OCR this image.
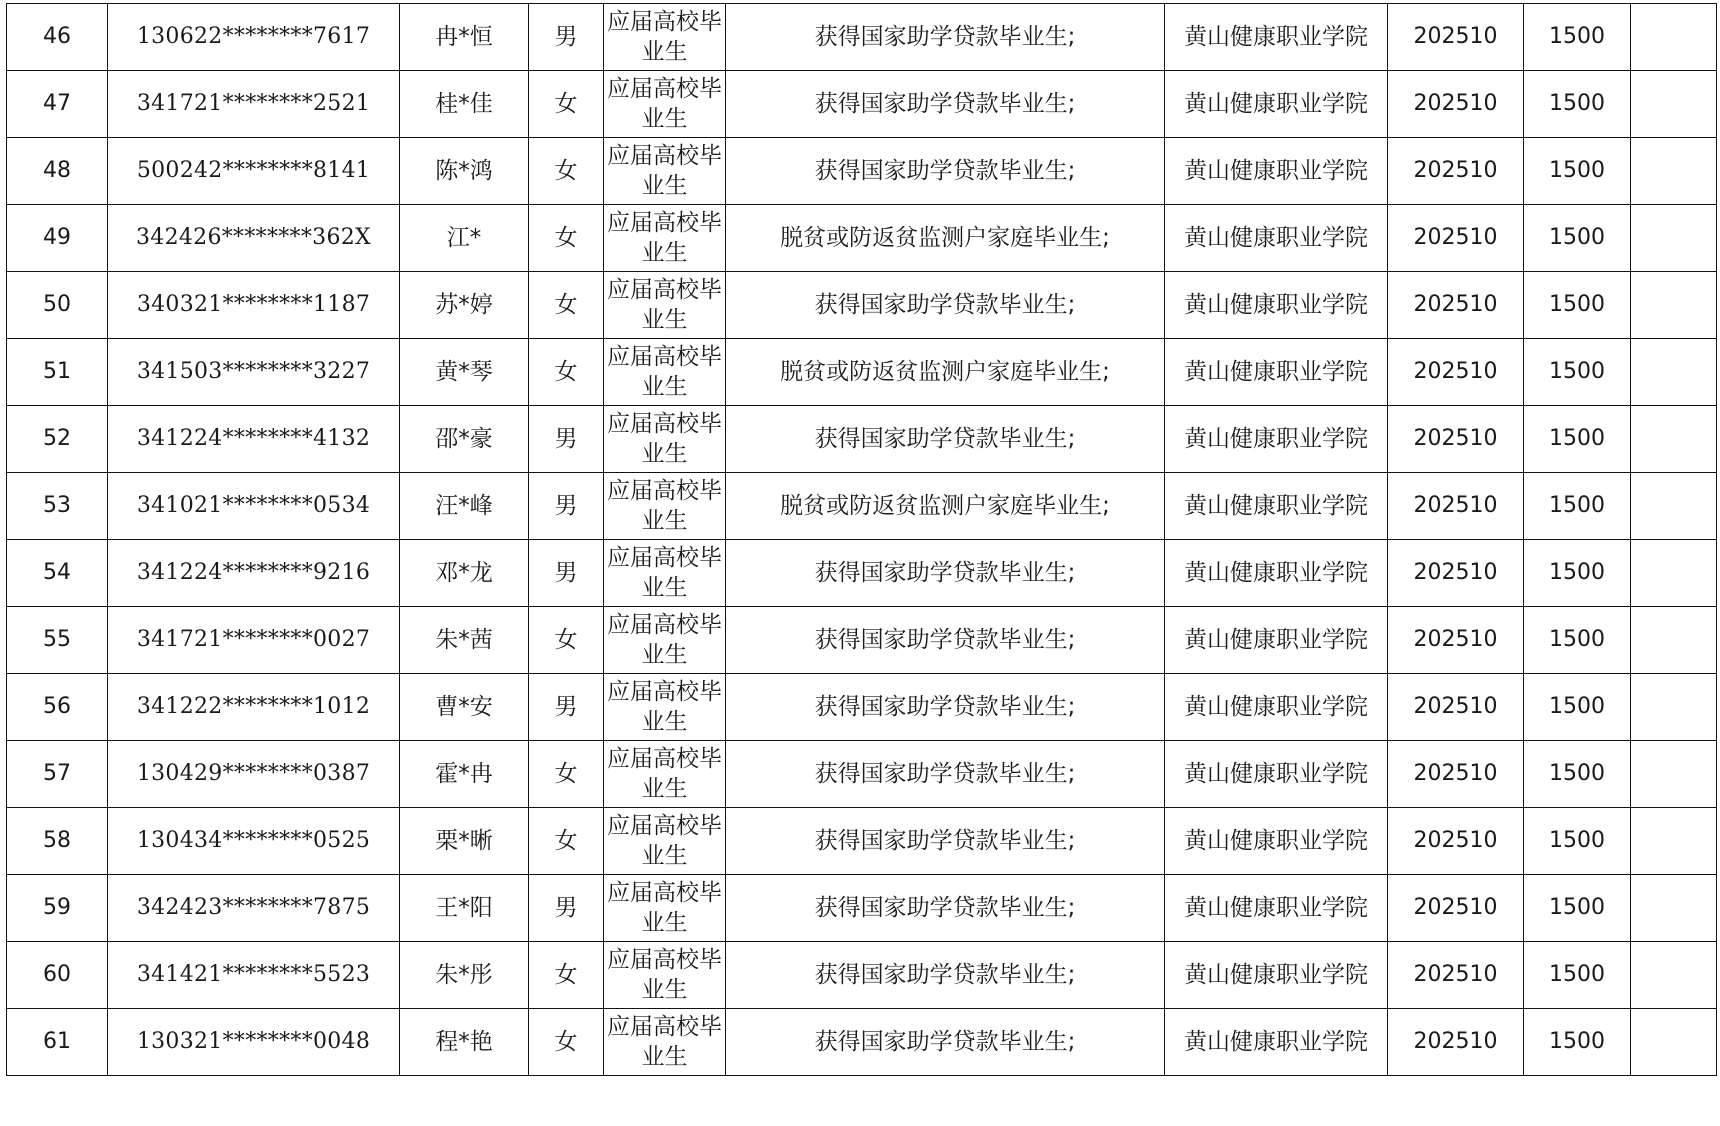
46	130622********7617	冉*恒	男	应届高校毕业生	获得国家助学贷款毕业生;	黄山健康职业学院	202510	1500	
47	341721********2521	桂*佳	女	应届高校毕业生	获得国家助学贷款毕业生;	黄山健康职业学院	202510	1500	
48	500242********8141	陈*鸿	女	应届高校毕业生	获得国家助学贷款毕业生;	黄山健康职业学院	202510	1500	
49	342426********362X	江*	女	应届高校毕业生	脱贫或防返贫监测户家庭毕业生;	黄山健康职业学院	202510	1500	
50	340321********1187	苏*婷	女	应届高校毕业生	获得国家助学贷款毕业生;	黄山健康职业学院	202510	1500	
51	341503********3227	黄*琴	女	应届高校毕业生	脱贫或防返贫监测户家庭毕业生;	黄山健康职业学院	202510	1500	
52	341224********4132	邵*豪	男	应届高校毕业生	获得国家助学贷款毕业生;	黄山健康职业学院	202510	1500	
53	341021********0534	汪*峰	男	应届高校毕业生	脱贫或防返贫监测户家庭毕业生;	黄山健康职业学院	202510	1500	
54	341224********9216	邓*龙	男	应届高校毕业生	获得国家助学贷款毕业生;	黄山健康职业学院	202510	1500	
55	341721********0027	朱*茜	女	应届高校毕业生	获得国家助学贷款毕业生;	黄山健康职业学院	202510	1500	
56	341222********1012	曹*安	男	应届高校毕业生	获得国家助学贷款毕业生;	黄山健康职业学院	202510	1500	
57	130429********0387	霍*冉	女	应届高校毕业生	获得国家助学贷款毕业生;	黄山健康职业学院	202510	1500	
58	130434********0525	栗*晰	女	应届高校毕业生	获得国家助学贷款毕业生;	黄山健康职业学院	202510	1500	
59	342423********7875	王*阳	男	应届高校毕业生	获得国家助学贷款毕业生;	黄山健康职业学院	202510	1500	
60	341421********5523	朱*彤	女	应届高校毕业生	获得国家助学贷款毕业生;	黄山健康职业学院	202510	1500	
61	130321********0048	程*艳	女	应届高校毕业生	获得国家助学贷款毕业生;	黄山健康职业学院	202510	1500	
